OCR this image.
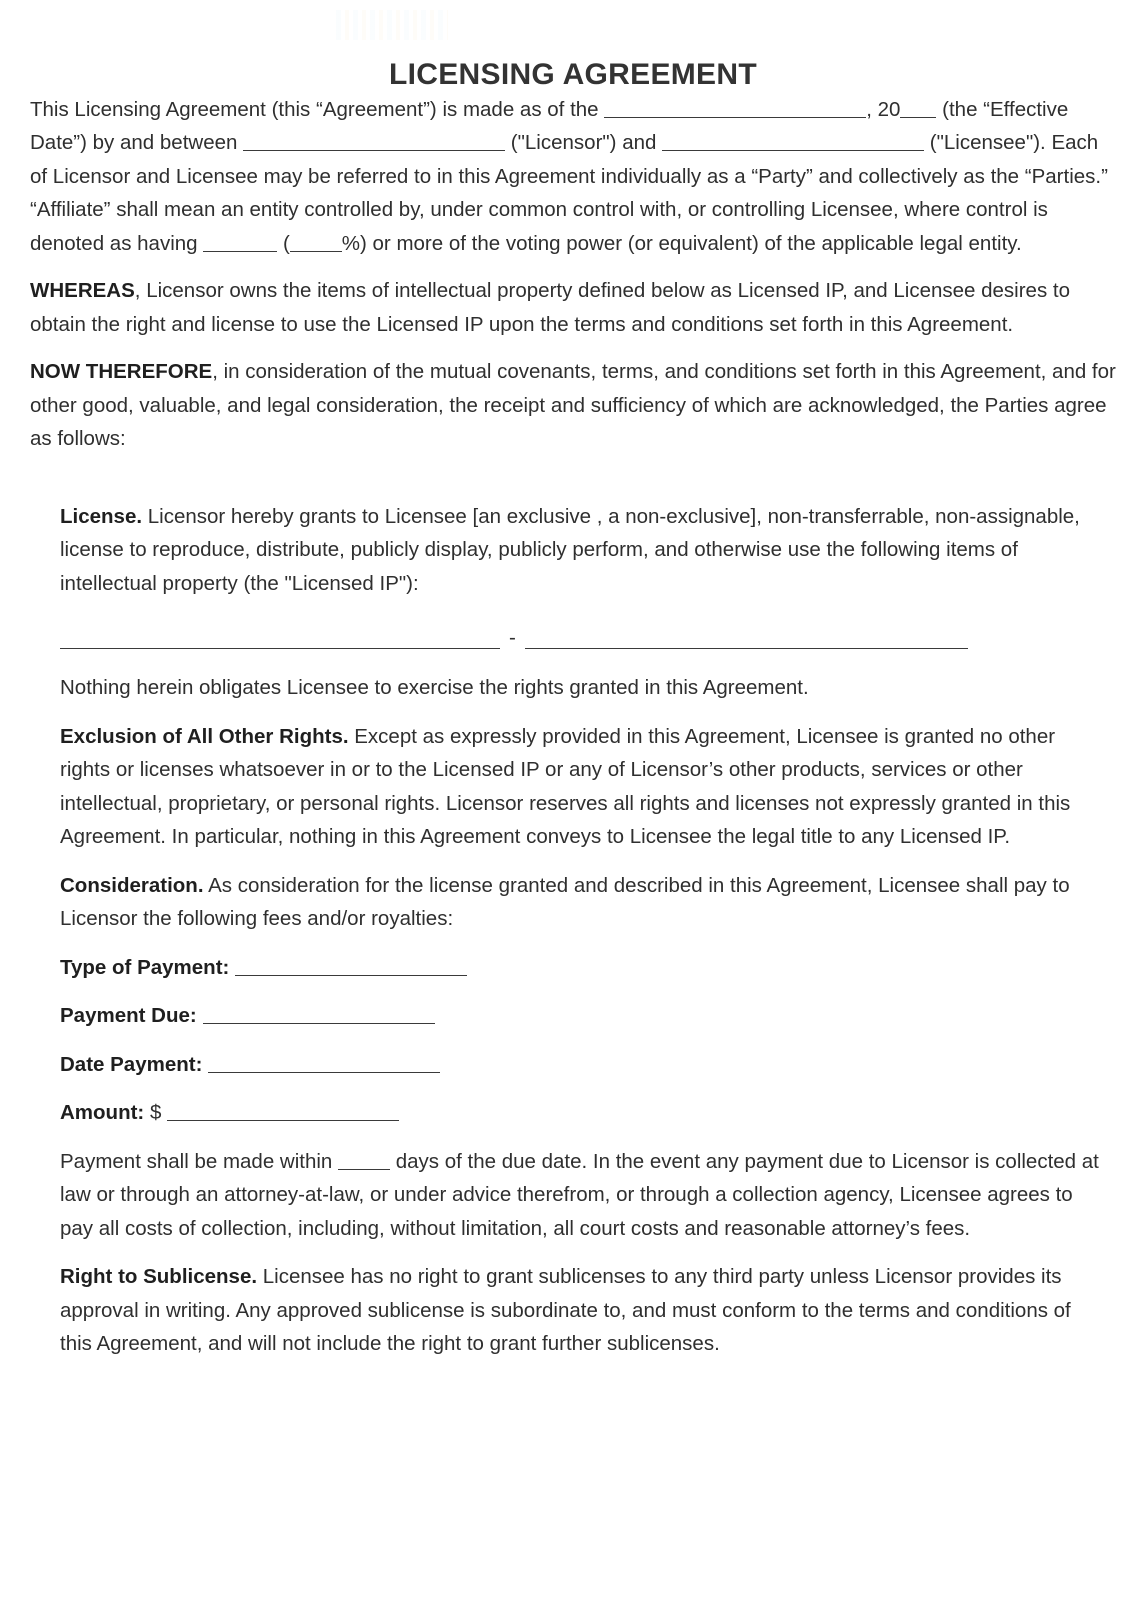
LICENSING AGREEMENT

This Licensing Agreement (this “Agreement”) is made as of the	, 20 (the “Effective Date”) by and between	("Licensor") and	("Licensee"). Each of Licensor and Licensee may be referred to in this Agreement individually as a “Party” and collectively as the “Parties.” “Affiliate” shall mean an entity controlled by, under common control with, or controlling Licensee, where control is denoted as having	(	%) or more of the voting power (or equivalent) of the applicable legal entity.

WHEREAS, Licensor owns the items of intellectual property defined below as Licensed IP, and Licensee desires to obtain the right and license to use the Licensed IP upon the terms and conditions set forth in this Agreement.

NOW THEREFORE, in consideration of the mutual covenants, terms, and conditions set forth in this Agreement, and for other good, valuable, and legal consideration, the receipt and sufficiency of which are acknowledged, the Parties agree as follows:

License. Licensor hereby grants to Licensee [an exclusive , a non-exclusive], non-transferrable, non-assignable, license to reproduce, distribute, publicly display, publicly perform, and otherwise use the following items of intellectual property (the "Licensed IP"):

-

Nothing herein obligates Licensee to exercise the rights granted in this Agreement.

Exclusion of All Other Rights. Except as expressly provided in this Agreement, Licensee is granted no other rights or licenses whatsoever in or to the Licensed IP or any of Licensor’s other products, services or other intellectual, proprietary, or personal rights. Licensor reserves all rights and licenses not expressly granted in this Agreement. In particular, nothing in this Agreement conveys to Licensee the legal title to any Licensed IP.

Consideration. As consideration for the license granted and described in this Agreement, Licensee shall pay to Licensor the following fees and/or royalties:

Type of Payment:
Payment Due:
Date Payment:
Amount: $

Payment shall be made within	days of the due date. In the event any payment due to Licensor is collected at law or through an attorney-at-law, or under advice therefrom, or through a collection agency, Licensee agrees to pay all costs of collection, including, without limitation, all court costs and reasonable attorney’s fees.

Right to Sublicense. Licensee has no right to grant sublicenses to any third party unless Licensor provides its approval in writing. Any approved sublicense is subordinate to, and must conform to the terms and conditions of this Agreement, and will not include the right to grant further sublicenses.
